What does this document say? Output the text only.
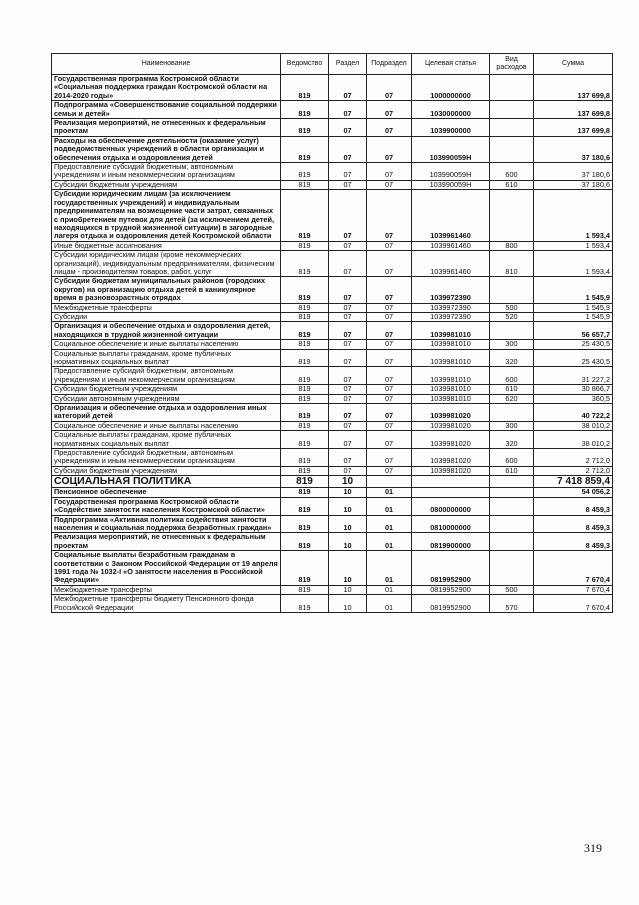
Наименование	Ведомство	Раздел	Подраздел	Целевая статья	Вид расходов	Сумма
Государственная программа Костромской области «Социальная поддержка граждан Костромской области на 2014-2020 годы»	819	07	07	1000000000		137 699,8
Подпрограмма «Совершенствование социальной поддержки семьи и детей»	819	07	07	1030000000		137 699,8
Реализация мероприятий, не отнесенных к федеральным проектам	819	07	07	1039900000		137 699,8
Расходы на обеспечение деятельности (оказание услуг) подведомственных учреждений в области организации и обеспечения отдыха и оздоровления детей	819	07	07	103990059Н		37 180,6
Предоставление субсидий бюджетным, автономным учреждениям и иным некоммерческим организациям	819	07	07	103990059Н	600	37 180,6
Субсидии бюджетным учреждениям	819	07	07	103990059Н	610	37 180,6
Субсидии юридическим лицам (за исключением государственных учреждений) и индивидуальным предпринимателям на возмещение части затрат, связанных с приобретением путевок для детей (за исключением детей, находящихся в трудной жизненной ситуации) в загородные лагеря отдыха и оздоровления детей Костромской области	819	07	07	1039961460		1 593,4
Иные бюджетные ассигнования	819	07	07	1039961460	800	1 593,4
Субсидии юридическим лицам (кроме некоммерческих организаций), индивидуальным предпринимателям, физическим лицам - производителям товаров, работ, услуг	819	07	07	1039961460	810	1 593,4
Субсидии бюджетам муниципальных районов (городских округов) на организацию отдыха детей в каникулярное время в разновозрастных отрядах	819	07	07	1039972390		1 545,9
Межбюджетные трансферты	819	07	07	1039972390	500	1 545,9
Субсидии	819	07	07	1039972390	520	1 545,9
Организация и обеспечение отдыха и оздоровления детей, находящихся в трудной жизненной ситуации	819	07	07	1039981010		56 657,7
Социальное обеспечение и иные выплаты населению	819	07	07	1039981010	300	25 430,5
Социальные выплаты гражданам, кроме публичных нормативных социальных выплат	819	07	07	1039981010	320	25 430,5
Предоставление субсидий бюджетным, автономным учреждениям и иным некоммерческим организациям	819	07	07	1039981010	600	31 227,2
Субсидии бюджетным учреждениям	819	07	07	1039981010	610	30 866,7
Субсидии автономным учреждениям	819	07	07	1039981010	620	360,5
Организация и обеспечение отдыха и оздоровления иных категорий детей	819	07	07	1039981020		40 722,2
Социальное обеспечение и иные выплаты населению	819	07	07	1039981020	300	38 010,2
Социальные выплаты гражданам, кроме публичных нормативных социальных выплат	819	07	07	1039981020	320	38 010,2
Предоставление субсидий бюджетным, автономным учреждениям и иным некоммерческим организациям	819	07	07	1039981020	600	2 712,0
Субсидии бюджетным учреждениям	819	07	07	1039981020	610	2 712,0
СОЦИАЛЬНАЯ ПОЛИТИКА	819	10				7 418 859,4
Пенсионное обеспечение	819	10	01			54 056,2
Государственная программа Костромской области «Содействие занятости населения Костромской области»	819	10	01	0800000000		8 459,3
Подпрограмма «Активная политика содействия занятости населения и социальная поддержка безработных граждан»	819	10	01	0810000000		8 459,3
Реализация мероприятий, не отнесенных к федеральным проектам	819	10	01	0819900000		8 459,3
Социальные выплаты безработным гражданам в соответствии с Законом Российской Федерации от 19 апреля 1991 года № 1032-I «О занятости населения в Российской Федерации»	819	10	01	0819952900		7 670,4
Межбюджетные трансферты	819	10	01	0819952900	500	7 670,4
Межбюджетные трансферты бюджету Пенсионного фонда Российской Федерации	819	10	01	0819952900	570	7 670,4
319
